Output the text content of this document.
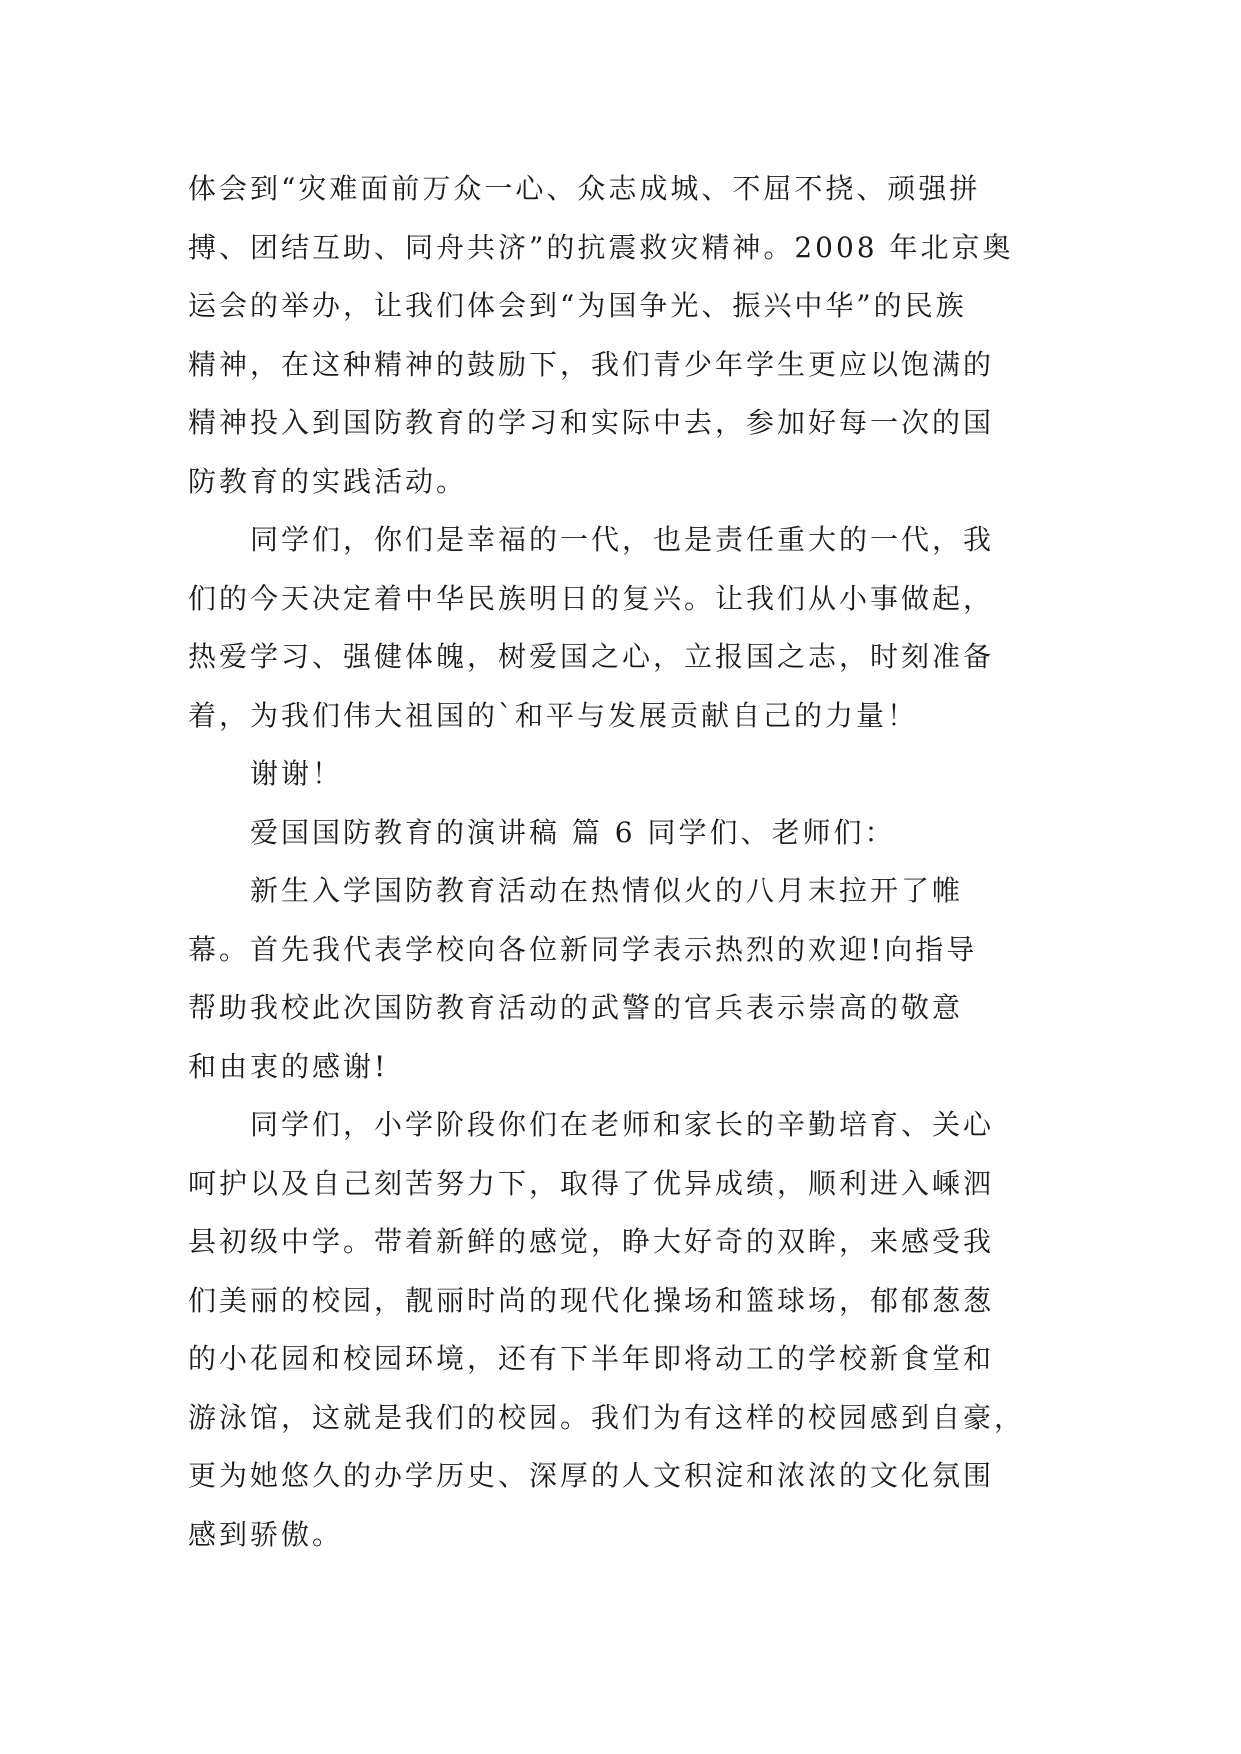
体会到“灾难面前万众一心、众志成城、不屈不挠、顽强拼
搏、团结互助、同舟共济”的抗震救灾精神。2008 年北京奥
运会的举办，让我们体会到“为国争光、振兴中华”的民族
精神，在这种精神的鼓励下，我们青少年学生更应以饱满的
精神投入到国防教育的学习和实际中去，参加好每一次的国
防教育的实践活动。
同学们，你们是幸福的一代，也是责任重大的一代，我
们的今天决定着中华民族明日的复兴。让我们从小事做起，
热爱学习、强健体魄，树爱国之心，立报国之志，时刻准备
着，为我们伟大祖国的`和平与发展贡献自己的力量！
谢谢！
爱国国防教育的演讲稿 篇 6 同学们、老师们：
新生入学国防教育活动在热情似火的八月末拉开了帷
幕。首先我代表学校向各位新同学表示热烈的欢迎!向指导
帮助我校此次国防教育活动的武警的官兵表示崇高的敬意
和由衷的感谢!
同学们，小学阶段你们在老师和家长的辛勤培育、关心
呵护以及自己刻苦努力下，取得了优异成绩，顺利进入嵊泗
县初级中学。带着新鲜的感觉，睁大好奇的双眸，来感受我
们美丽的校园，靓丽时尚的现代化操场和篮球场，郁郁葱葱
的小花园和校园环境，还有下半年即将动工的学校新食堂和
游泳馆，这就是我们的校园。我们为有这样的校园感到自豪，
更为她悠久的办学历史、深厚的人文积淀和浓浓的文化氛围
感到骄傲。
